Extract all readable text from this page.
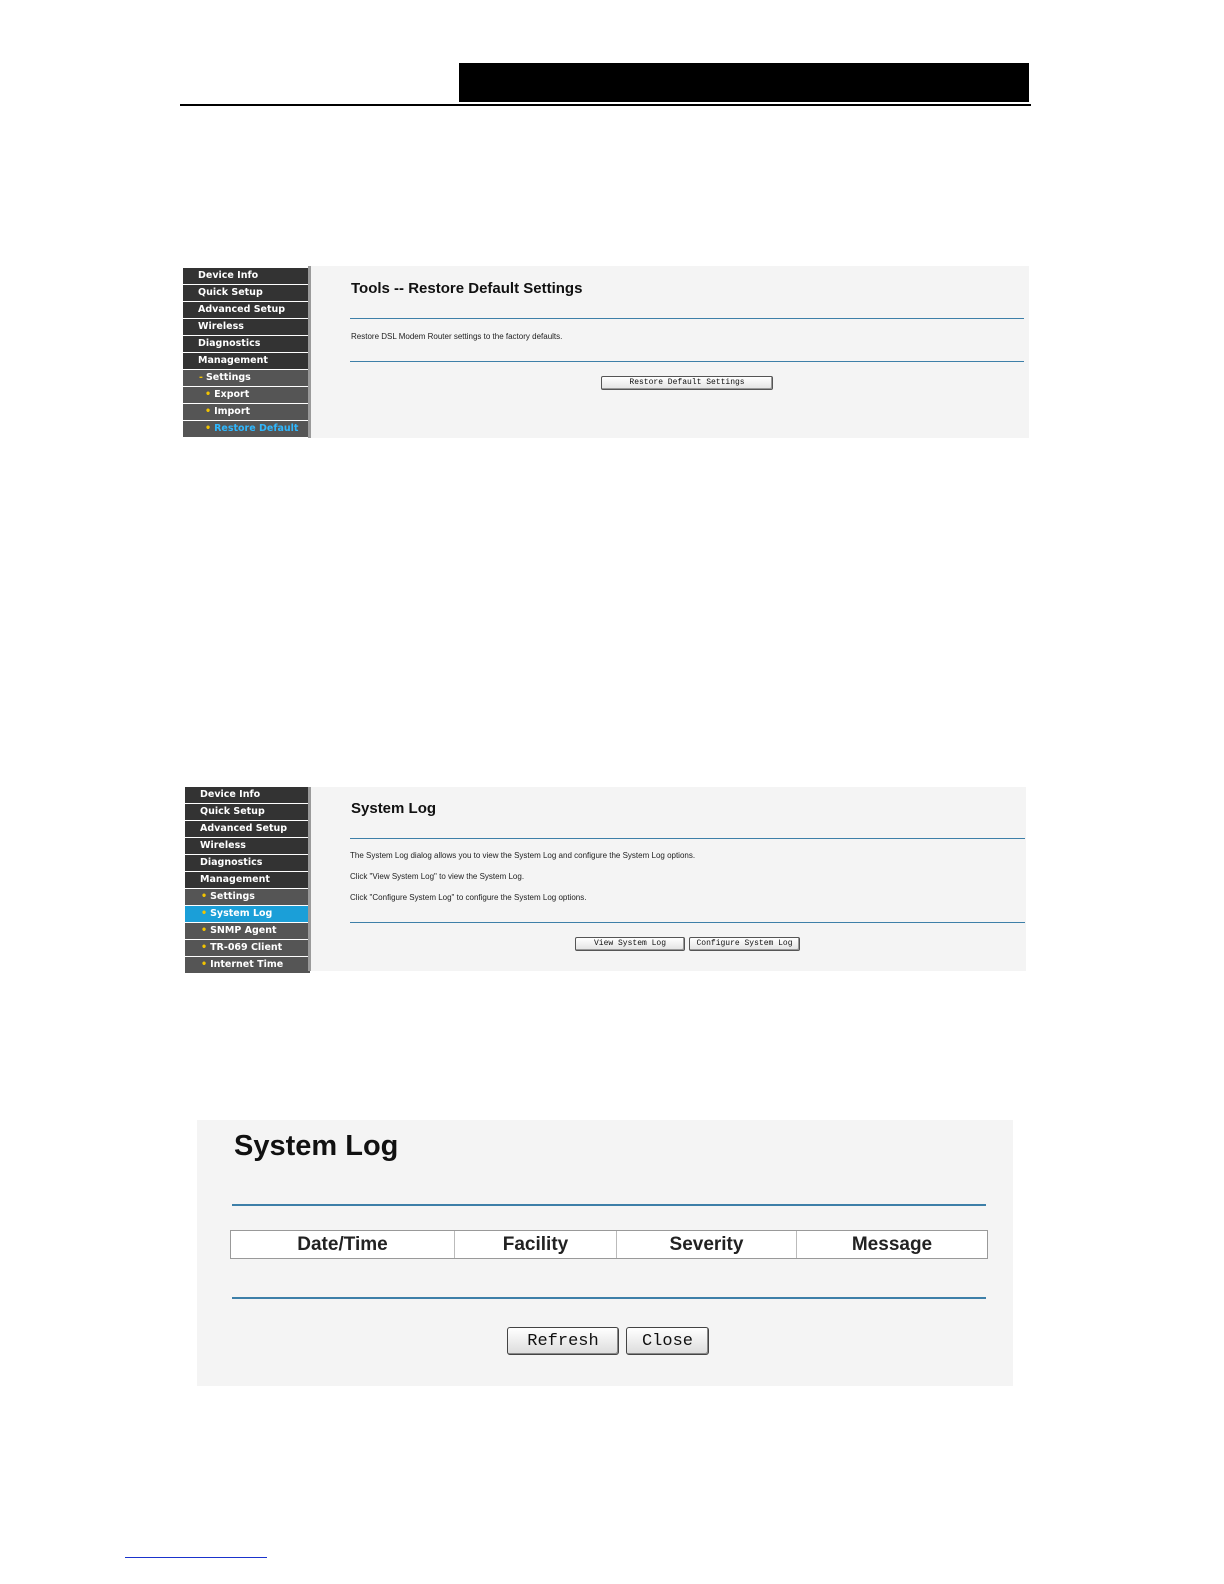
Device Info
Quick Setup
Advanced Setup
Wireless
Diagnostics
Management
- Settings
• Export
• Import
• Restore Default
Tools -- Restore Default Settings
Restore DSL Modem Router settings to the factory defaults.
Restore Default Settings
Device Info
Quick Setup
Advanced Setup
Wireless
Diagnostics
Management
• Settings
• System Log
• SNMP Agent
• TR-069 Client
• Internet Time
System Log
The System Log dialog allows you to view the System Log and configure the System Log options.
Click "View System Log" to view the System Log.
Click "Configure System Log" to configure the System Log options.
View System Log	Configure System Log
System Log
Date/Time	Facility	Severity	Message
Refresh	Close
